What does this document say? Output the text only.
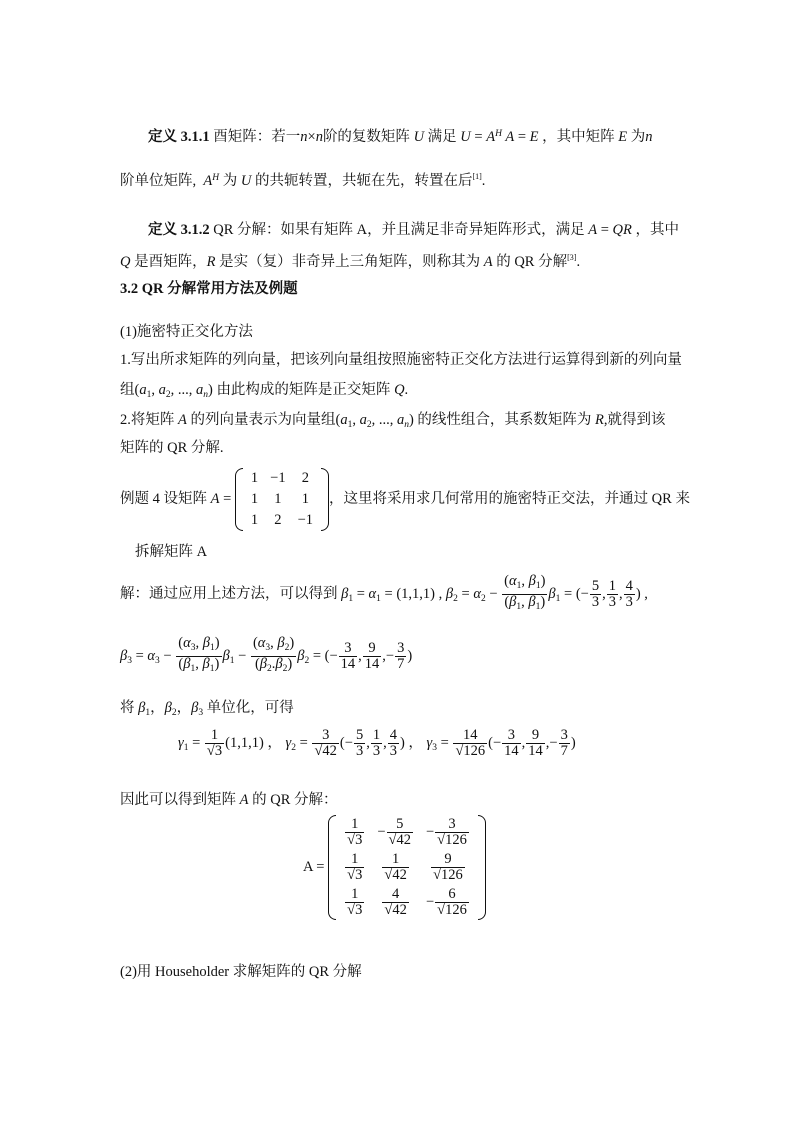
定义 3.1.1 酉矩阵：若一n×n阶的复数矩阵 U 满足 $U = A^H$ A = E ，其中矩阵 E 为n
阶单位矩阵, $A^H$ 为 U 的共轭转置，共轭在先，转置在后[1].
定义 3.1.2 QR 分解：如果有矩阵 A，并且满足非奇异矩阵形式，满足 A = QR ，其中
Q 是酉矩阵，R 是实（复）非奇异上三角矩阵，则称其为 A 的 QR 分解[3].
3.2 QR 分解常用方法及例题
(1)施密特正交化方法
1.写出所求矩阵的列向量，把该列向量组按照施密特正交化方法进行运算得到新的列向量
组($a_1$, $a_2$, ..., $a_n$) 由此构成的矩阵是正交矩阵 Q.
2.将矩阵 A 的列向量表示为向量组($a_1$, $a_2$, ..., $a_n$) 的线性组合，其系数矩阵为 R,就得到该
矩阵的 QR 分解.
例题 4 设矩阵 A =
1	−1	2
1	1	1
1	2	−1
，这里将采用求几何常用的施密特正交法，并通过 QR 来
拆解矩阵 A
解：通过应用上述方法，可以得到 $\beta_1 = \alpha_1 = (1,1,1)$ , $\beta_2 = \alpha_2 - \frac{(\alpha_1, \beta_1)}{(\beta_1, \beta_1)} \beta_1$ = (− $\frac{5}{3}$ , $\frac{1}{3}$ , $\frac{4}{3}$ ) ,
$\beta_3 = \alpha_3 - \frac{(\alpha_3, \beta_1)}{(\beta_1, \beta_1)} \beta_1 - \frac{(\alpha_3, \beta_2)}{(\beta_2.\beta_2)} \beta_2$ = (− $\frac{3}{14}$ , $\frac{9}{14}$ ,− $\frac{3}{7}$ )
将 $\beta_1$，$\beta_2$，$\beta_3$ 单位化，可得
$\gamma_1 = \frac{1}{√3} (1,1,1)$ ， $\gamma_2 = \frac{3}{√42}$ (− $\frac{5}{3}$ , $\frac{1}{3}$ , $\frac{4}{3}$ ) ， $\gamma_3 = \frac{14}{√126}$ (− $\frac{3}{14}$ , $\frac{9}{14}$ ,− $\frac{3}{7}$ )
因此可以得到矩阵 A 的 QR 分解：
A =
$\frac{1}{√3}$	− $\frac{5}{√42}$	− $\frac{3}{√126}$

$\frac{1}{√3}$	$\frac{1}{√42}$	$\frac{9}{√126}$

$\frac{1}{√3}$	$\frac{4}{√42}$	− $\frac{6}{√126}$
(2)用 Householder 求解矩阵的 QR 分解
